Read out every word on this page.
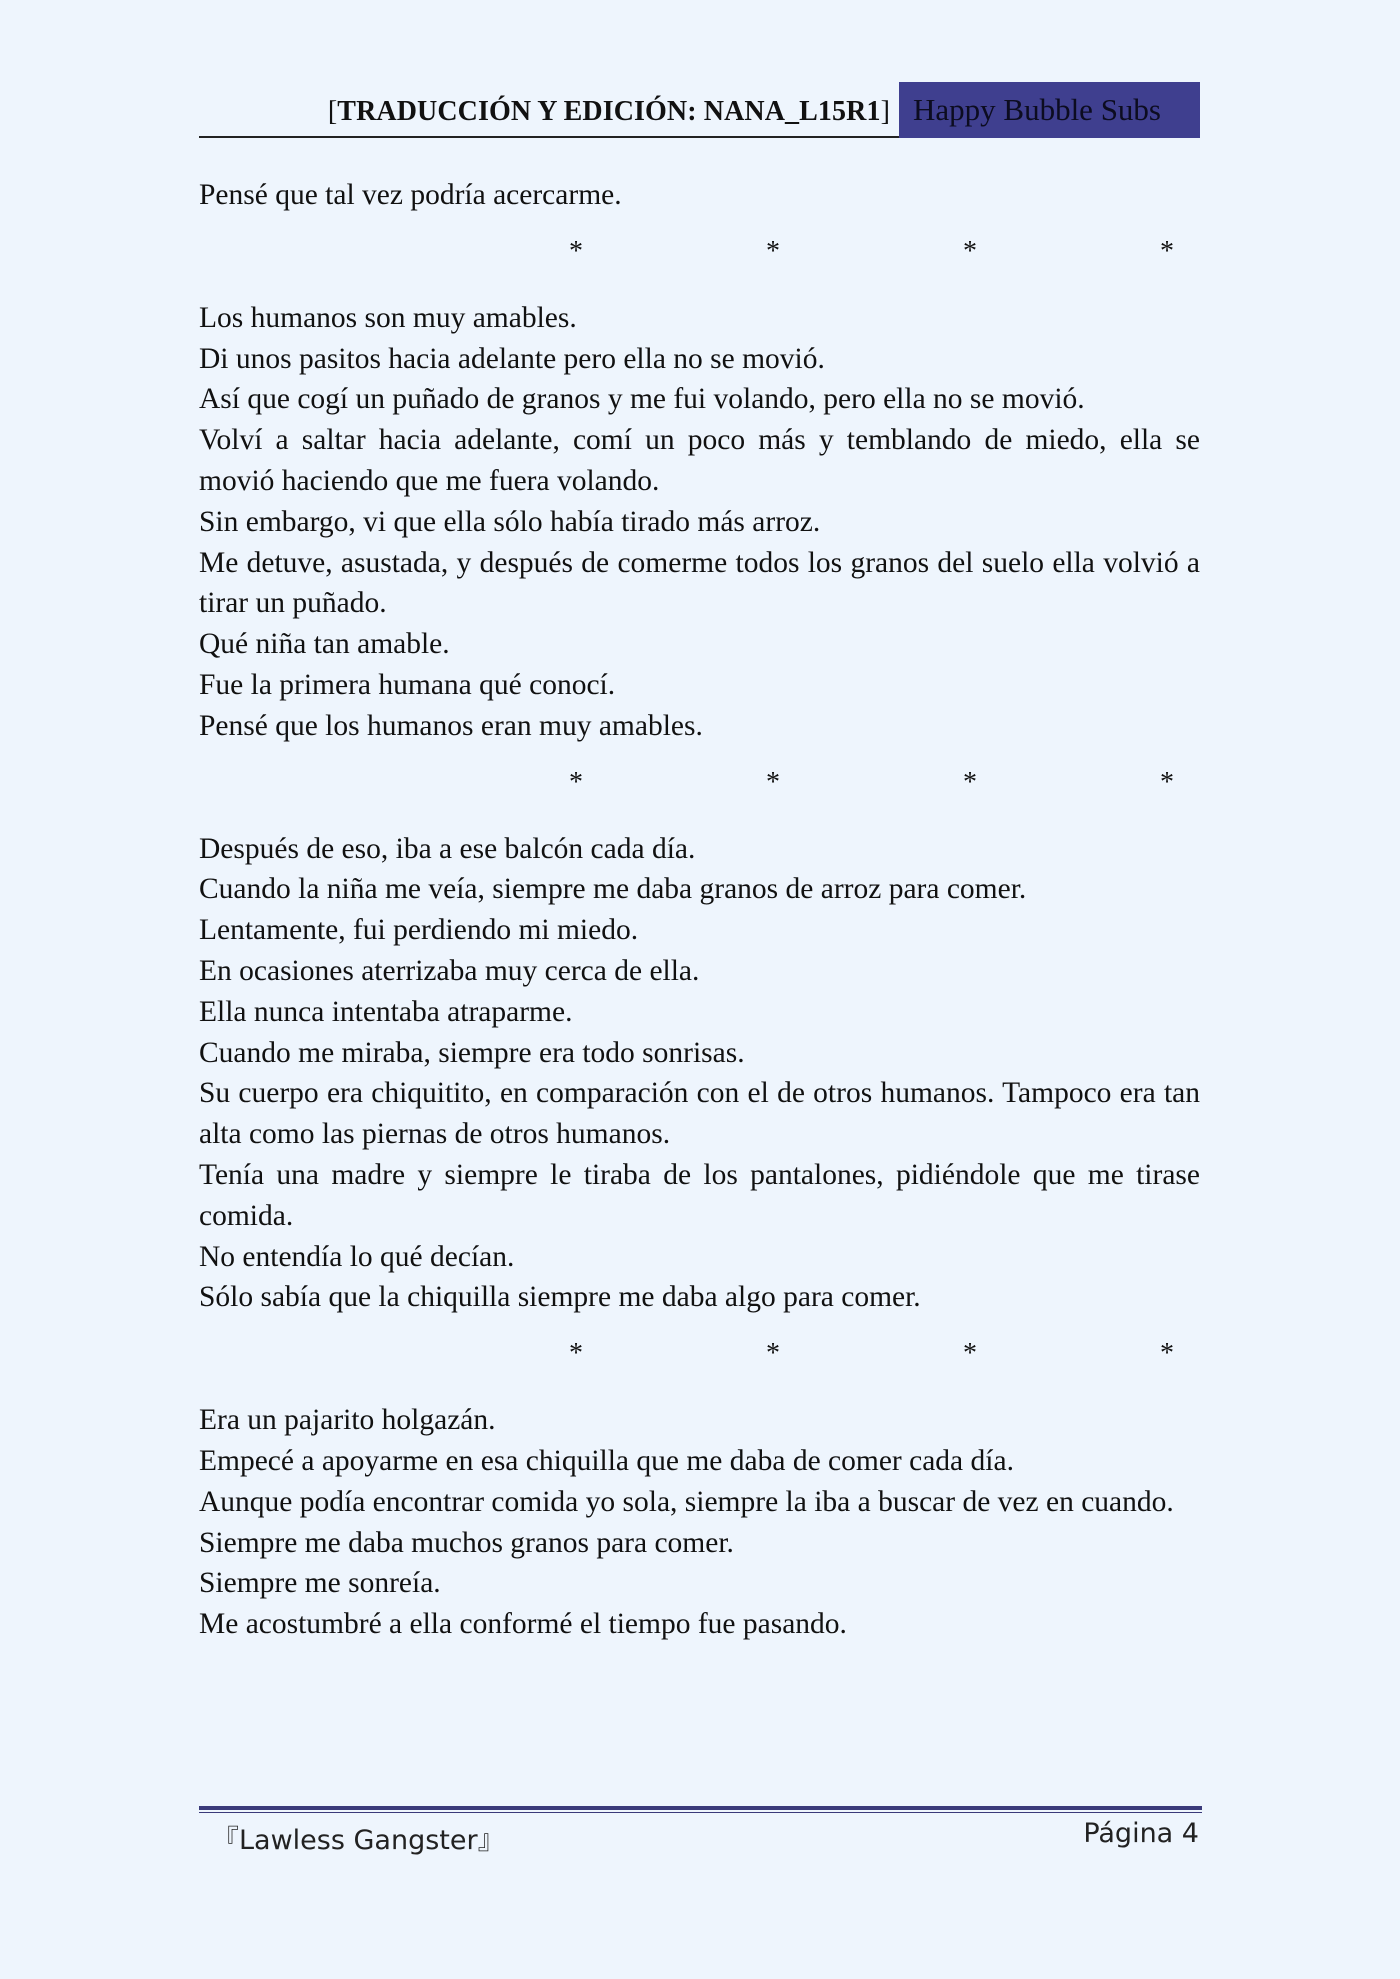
[TRADUCCIÓN Y EDICIÓN: NANA_L15R1] Happy Bubble Subs

Pensé que tal vez podría acercarme.

*   *   *   *

Los humanos son muy amables.

Di unos pasitos hacia adelante pero ella no se movió.

Así que cogí un puñado de granos y me fui volando, pero ella no se movió.

Volví a saltar hacia adelante, comí un poco más y temblando de miedo, ella se movió haciendo que me fuera volando.

Sin embargo, vi que ella sólo había tirado más arroz.

Me detuve, asustada, y después de comerme todos los granos del suelo ella volvió a tirar un puñado.

Qué niña tan amable.

Fue la primera humana qué conocí.

Pensé que los humanos eran muy amables.

*   *   *   *

Después de eso, iba a ese balcón cada día.

Cuando la niña me veía, siempre me daba granos de arroz para comer.

Lentamente, fui perdiendo mi miedo.

En ocasiones aterrizaba muy cerca de ella.

Ella nunca intentaba atraparme.

Cuando me miraba, siempre era todo sonrisas.

Su cuerpo era chiquitito, en comparación con el de otros humanos. Tampoco era tan alta como las piernas de otros humanos.

Tenía una madre y siempre le tiraba de los pantalones, pidiéndole que me tirase comida.

No entendía lo qué decían.

Sólo sabía que la chiquilla siempre me daba algo para comer.

*   *   *   *

Era un pajarito holgazán.

Empecé a apoyarme en esa chiquilla que me daba de comer cada día.

Aunque podía encontrar comida yo sola, siempre la iba a buscar de vez en cuando.

Siempre me daba muchos granos para comer.

Siempre me sonreía.

Me acostumbré a ella conformé el tiempo fue pasando.

『Lawless Gangster』	Página 4
